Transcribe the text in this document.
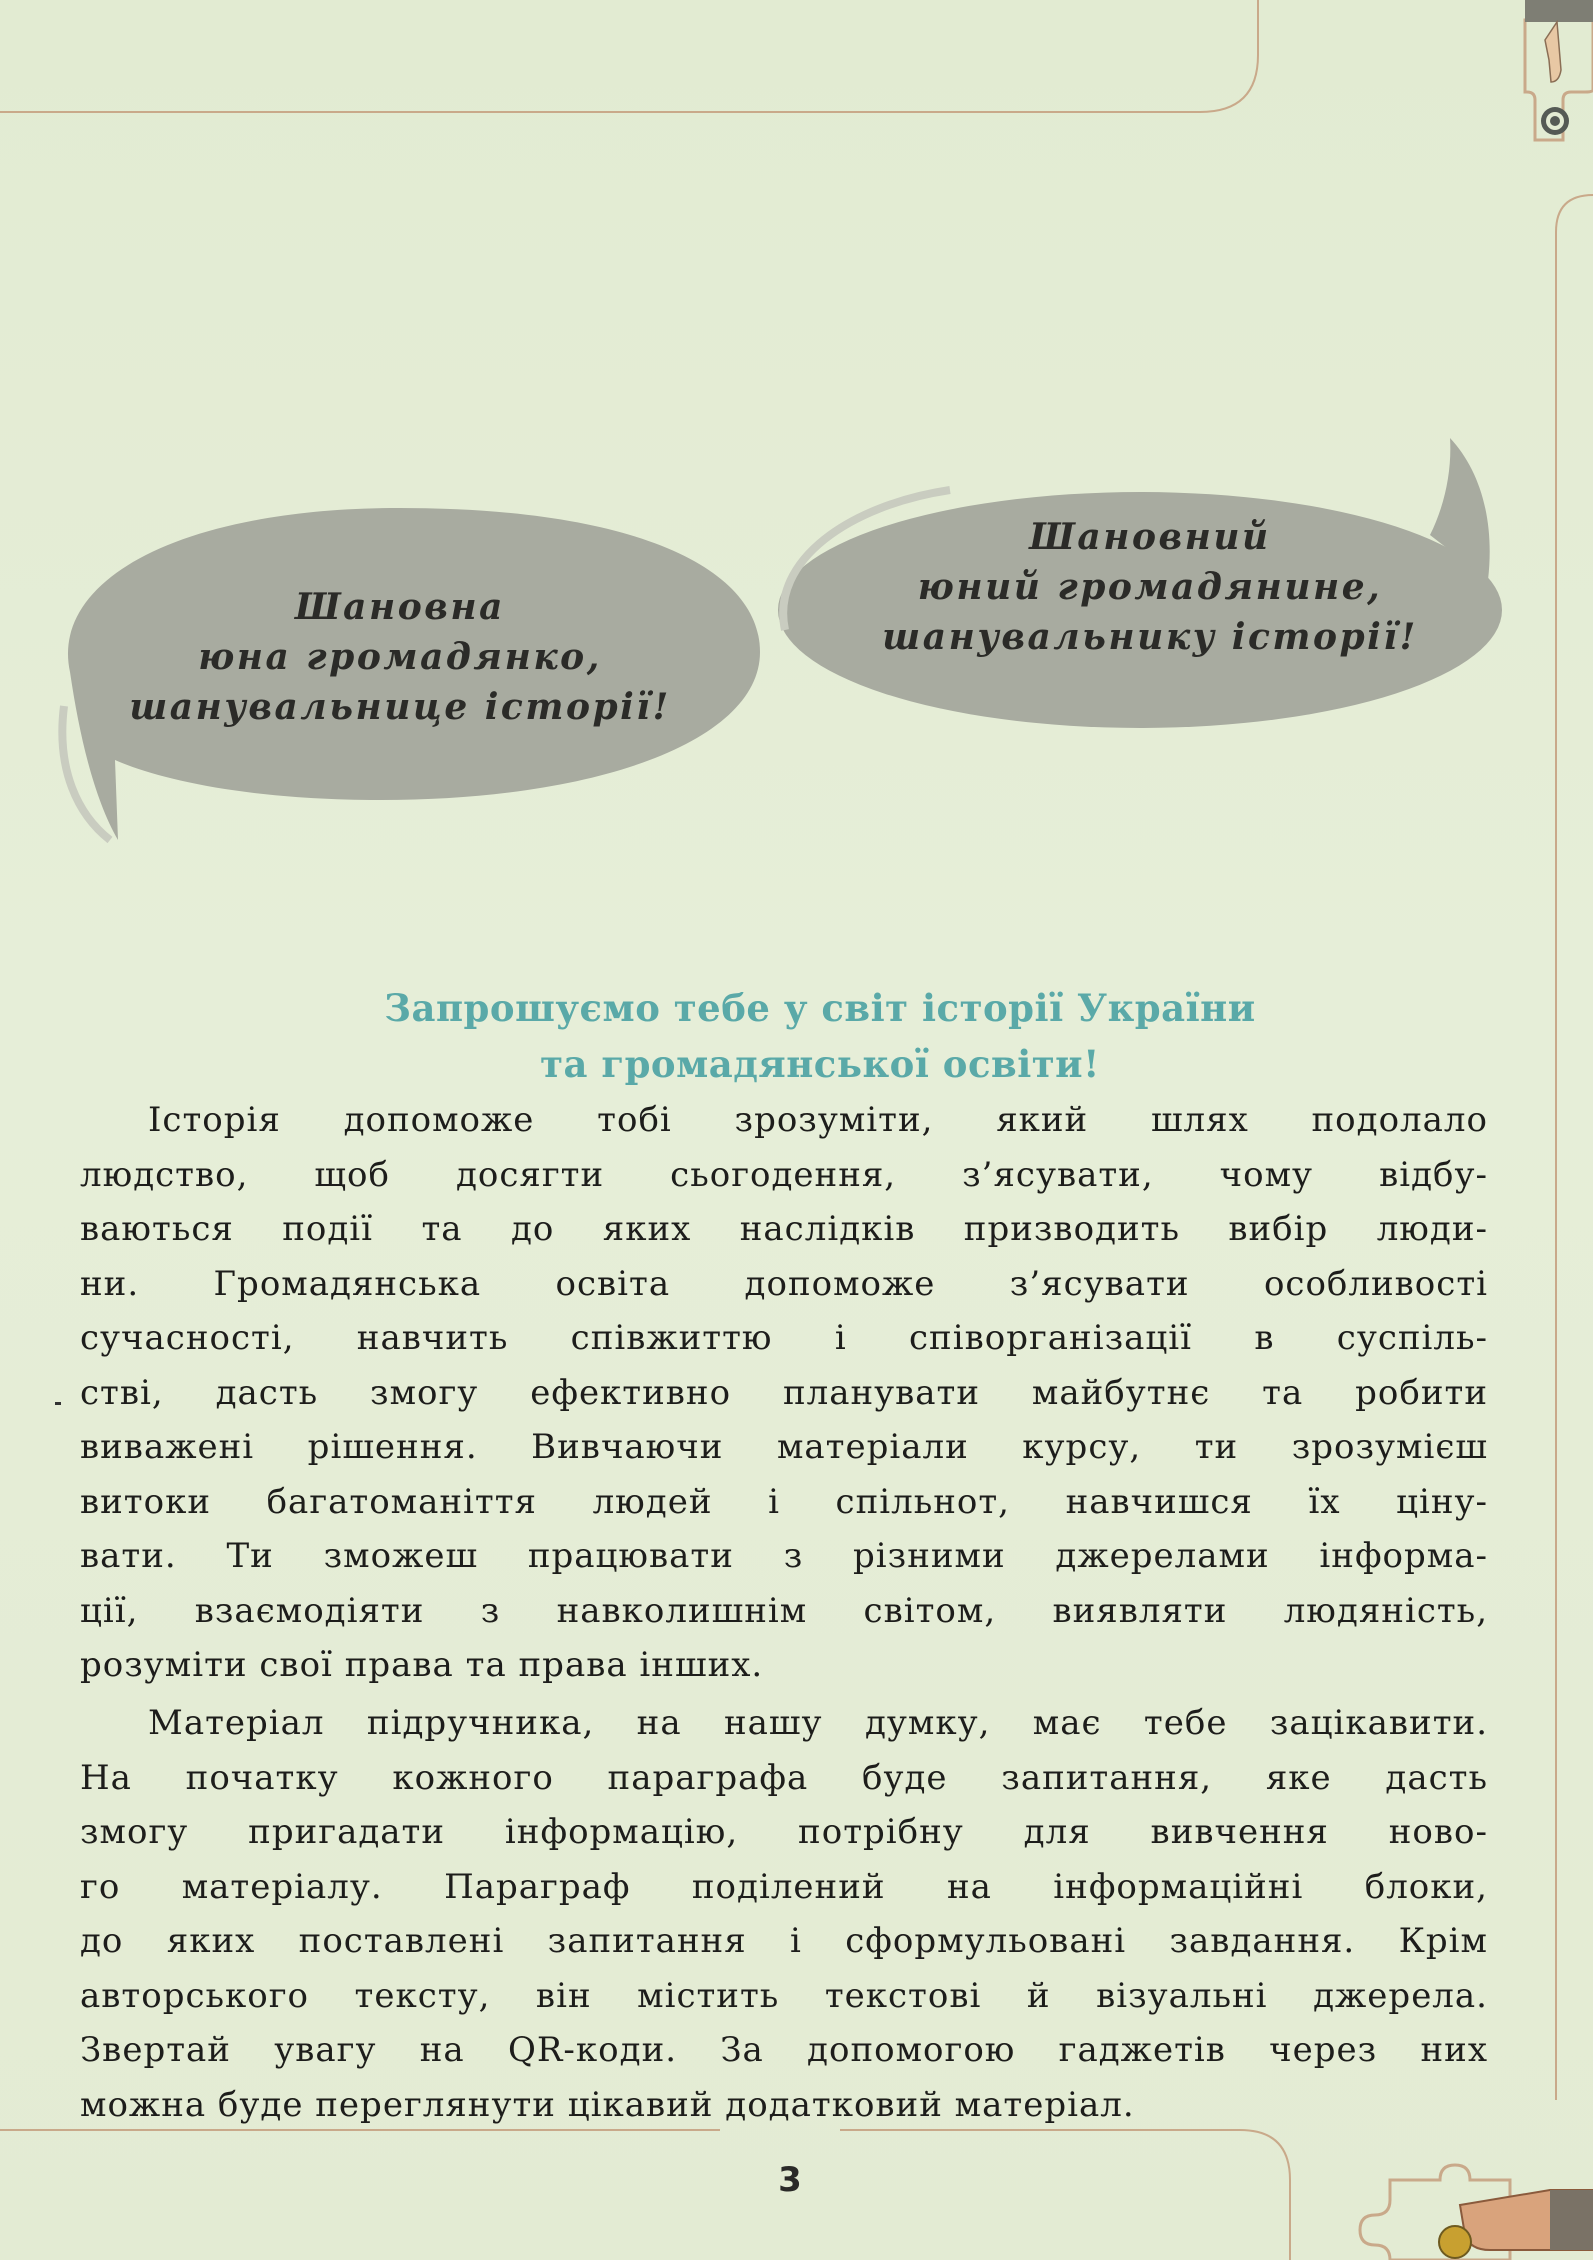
Шановна
юна громадянко,
шанувальнице історії!
Шановний
юний громадянине,
шанувальнику історії!
Запрошуємо тебе у світ історії України
та громадянської освіти!
Історія допоможе тобі зрозуміти, який шлях подолало
людство, щоб досягти сьогодення, з’ясувати, чому відбу-
ваються події та до яких наслідків призводить вибір люди-
ни. Громадянська освіта допоможе з’ясувати особливості
сучасності, навчить співжиттю і співорганізації в суспіль-
стві, дасть змогу ефективно планувати майбутнє та робити
виважені рішення. Вивчаючи матеріали курсу, ти зрозумієш
витоки багатоманіття людей і спільнот, навчишся їх ціну-
вати. Ти зможеш працювати з різними джерелами інформа-
ції, взаємодіяти з навколишнім світом, виявляти людяність,
розуміти свої права та права інших.
Матеріал підручника, на нашу думку, має тебе зацікавити.
На початку кожного параграфа буде запитання, яке дасть
змогу пригадати інформацію, потрібну для вивчення ново-
го матеріалу. Параграф поділений на інформаційні блоки,
до яких поставлені запитання і сформульовані завдання. Крім
авторського тексту, він містить текстові й візуальні джерела.
Звертай увагу на QR-коди. За допомогою гаджетів через них
можна буде переглянути цікавий додатковий матеріал.
3
